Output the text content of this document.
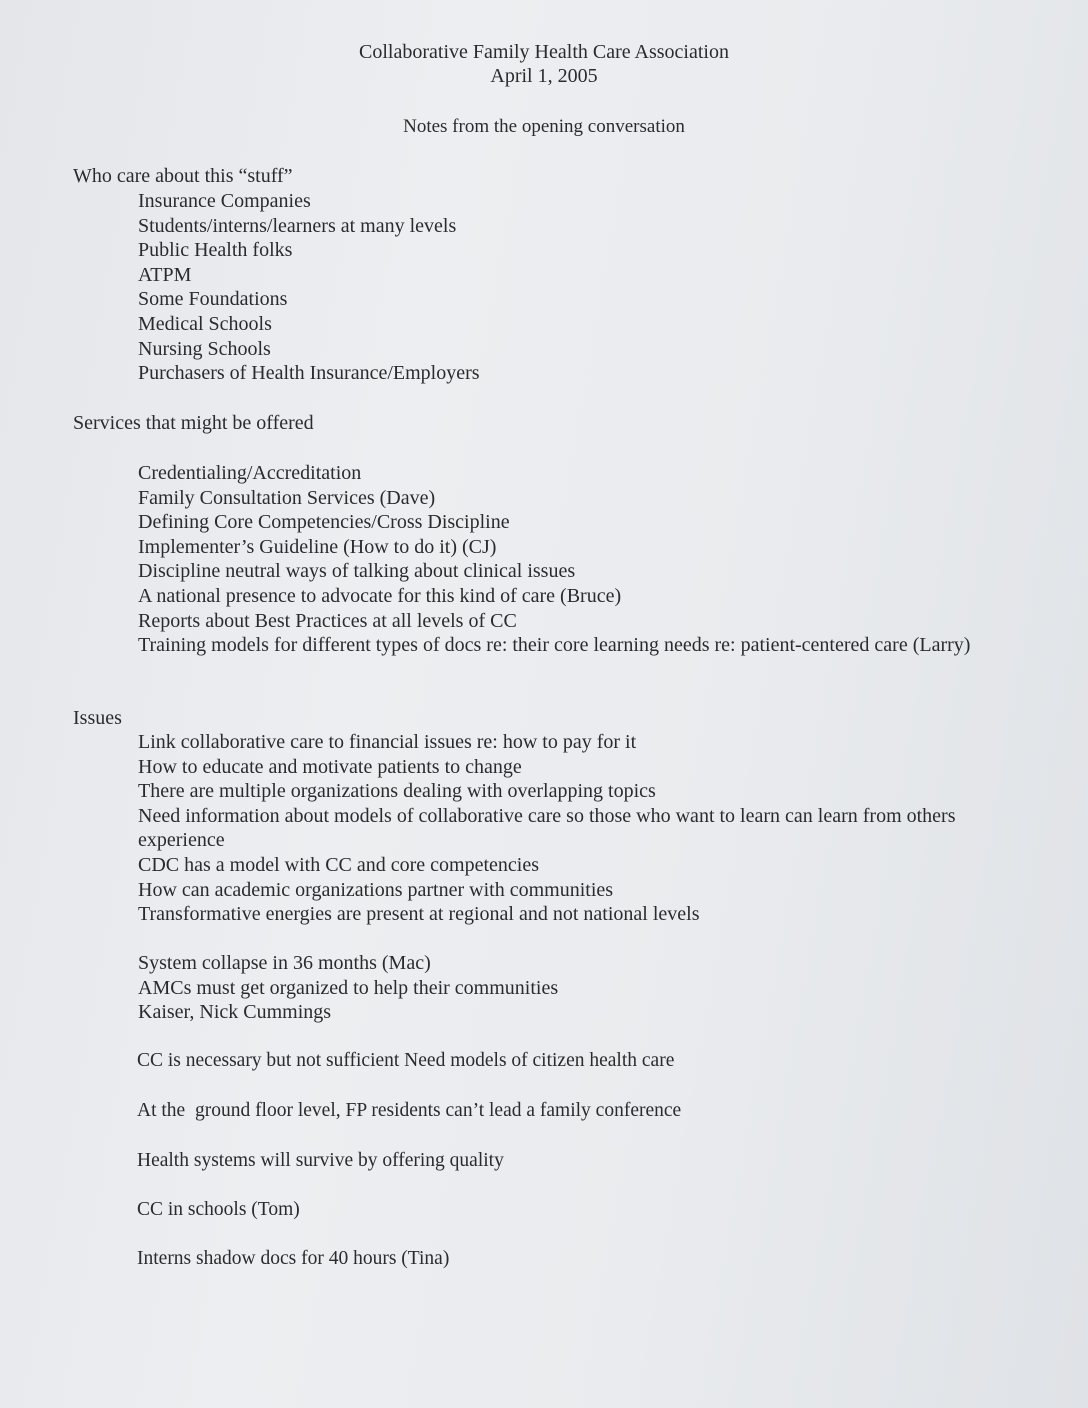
Collaborative Family Health Care Association
April 1, 2005
Notes from the opening conversation
Who care about this “stuff”
Insurance Companies
Students/interns/learners at many levels
Public Health folks
ATPM
Some Foundations
Medical Schools
Nursing Schools
Purchasers of Health Insurance/Employers
Services that might be offered
Credentialing/Accreditation
Family Consultation Services (Dave)
Defining Core Competencies/Cross Discipline
Implementer’s Guideline (How to do it) (CJ)
Discipline neutral ways of talking about clinical issues
A national presence to advocate for this kind of care (Bruce)
Reports about Best Practices at all levels of CC
Training models for different types of docs re: their core learning needs re: patient-centered care (Larry)
Issues
Link collaborative care to financial issues re: how to pay for it
How to educate and motivate patients to change
There are multiple organizations dealing with overlapping topics
Need information about models of collaborative care so those who want to learn can learn from others experience
CDC has a model with CC and core competencies
How can academic organizations partner with communities
Transformative energies are present at regional and not national levels
System collapse in 36 months (Mac)
AMCs must get organized to help their communities
Kaiser, Nick Cummings
CC is necessary but not sufficient Need models of citizen health care
At the  ground floor level, FP residents can’t lead a family conference
Health systems will survive by offering quality
CC in schools (Tom)
Interns shadow docs for 40 hours (Tina)
